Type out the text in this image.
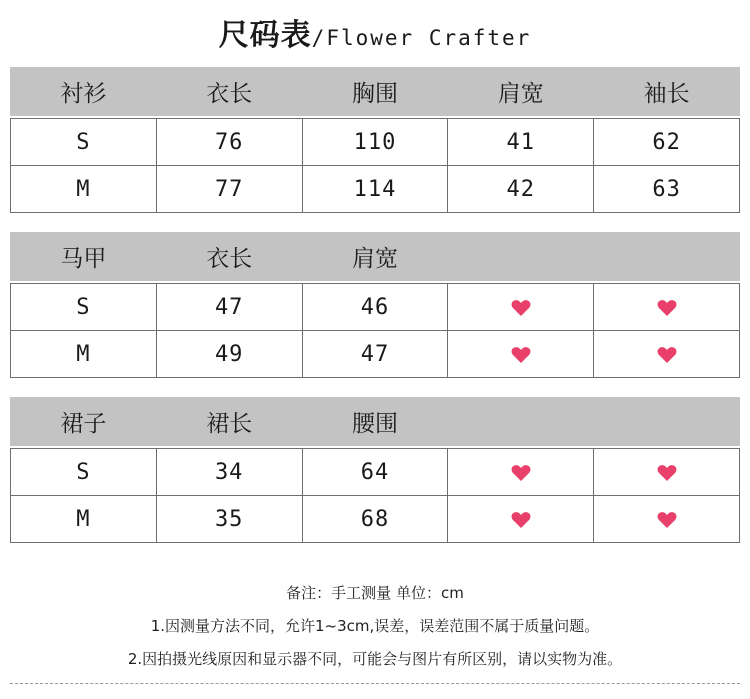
尺码表/Flower Crafter
衬衫	衣长	胸围	肩宽	袖长

S	76	110	41	62
M	77	114	42	63
马甲	衣长	肩宽		

S	47	46		
M	49	47		
裙子	裙长	腰围		

S	34	64		
M	35	68		
备注：手工测量 单位：cm
1.因测量方法不同，允许1~3cm,误差，误差范围不属于质量问题。
2.因拍摄光线原因和显示器不同，可能会与图片有所区别，请以实物为准。
